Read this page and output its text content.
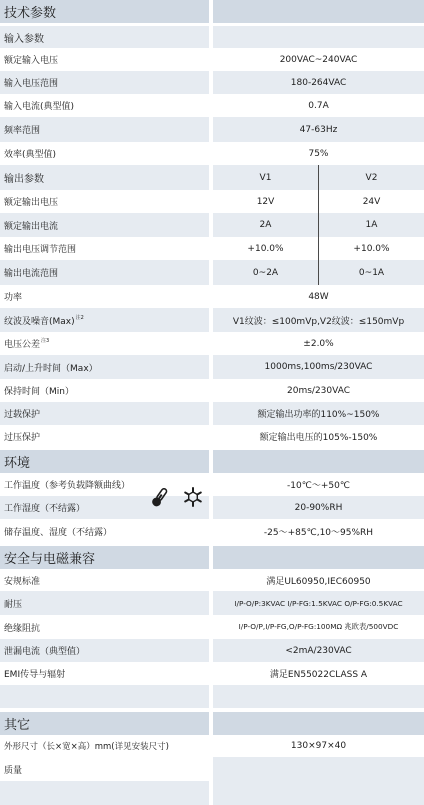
技术参数
输入参数
额定输入电压	200VAC~240VAC
输入电压范围	180-264VAC
输入电流(典型值)	0.7A
频率范围	47-63Hz
效率(典型值)	75%
输出参数	V1	V2
额定输出电压	12V	24V
额定输出电流	2A	1A
输出电压调节范围	+10.0%	+10.0%
输出电流范围	0~2A	0~1A
功率	48W
纹波及噪音(Max) 注2	V1纹波：≤100mVp,V2纹波：≤150mVp
电压公差 注3	±2.0%
启动/上升时间（Max）	1000ms,100ms/230VAC
保持时间（Min）	20ms/230VAC
过载保护	额定输出功率的110%~150%
过压保护	额定输出电压的105%-150%
环境
工作温度（参考负载降额曲线）	-10℃～+50℃
工作湿度（不结露）	20-90%RH
储存温度、湿度（不结露）	-25～+85℃,10～95%RH
安全与电磁兼容
安规标准	满足UL60950,IEC60950
耐压	I/P-O/P:3KVAC I/P-FG:1.5KVAC O/P-FG:0.5KVAC
绝缘阻抗	I/P-O/P,I/P-FG,O/P-FG:100MΩ 兆欧表/500VDC
泄漏电流（典型值）	<2mA/230VAC
EMI传导与辐射	满足EN55022CLASS A
其它
外形尺寸（长×宽×高）mm(详见安装尺寸)	130×97×40
质量
